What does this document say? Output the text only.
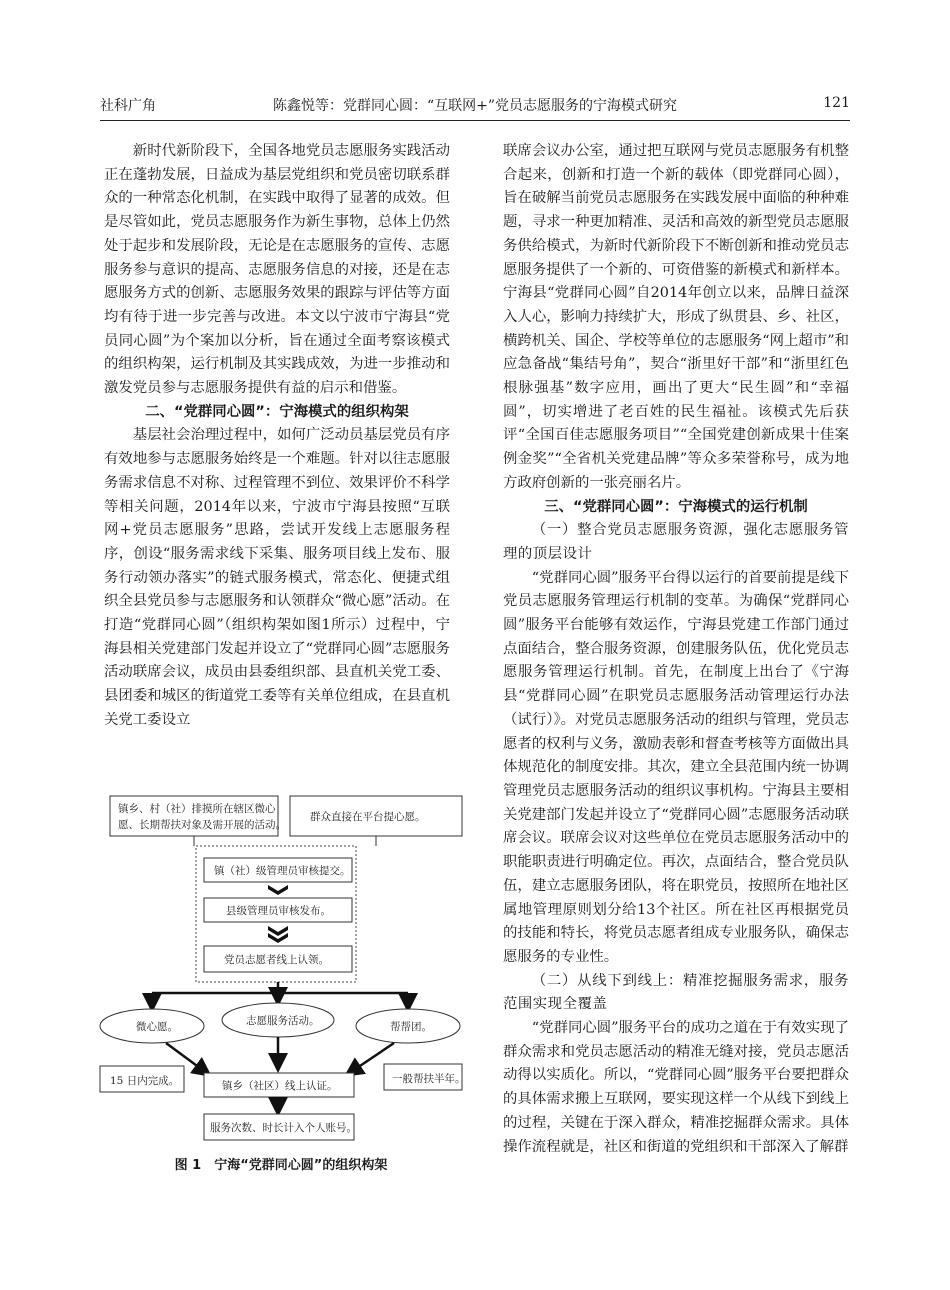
社科广角	陈鑫悦等：党群同心圆：“互联网+”党员志愿服务的宁海模式研究	121

新时代新阶段下，全国各地党员志愿服务实践活动正在蓬勃发展，日益成为基层党组织和党员密切联系群众的一种常态化机制，在实践中取得了显著的成效。但是尽管如此，党员志愿服务作为新生事物，总体上仍然处于起步和发展阶段，无论是在志愿服务的宣传、志愿服务参与意识的提高、志愿服务信息的对接，还是在志愿服务方式的创新、志愿服务效果的跟踪与评估等方面均有待于进一步完善与改进。本文以宁波市宁海县“党员同心圆”为个案加以分析，旨在通过全面考察该模式的组织构架，运行机制及其实践成效，为进一步推动和激发党员参与志愿服务提供有益的启示和借鉴。

二、“党群同心圆”：宁海模式的组织构架

基层社会治理过程中，如何广泛动员基层党员有序有效地参与志愿服务始终是一个难题。针对以往志愿服务需求信息不对称、过程管理不到位、效果评价不科学等相关问题，2014年以来，宁波市宁海县按照“互联网+党员志愿服务”思路，尝试开发线上志愿服务程序，创设“服务需求线下采集、服务项目线上发布、服务行动领办落实”的链式服务模式，常态化、便捷式组织全县党员参与志愿服务和认领群众“微心愿”活动。在打造“党群同心圆”（组织构架如图1所示）过程中，宁海县相关党建部门发起并设立了“党群同心圆”志愿服务活动联席会议，成员由县委组织部、县直机关党工委、县团委和城区的街道党工委等有关单位组成，在县直机关党工委设立

联席会议办公室，通过把互联网与党员志愿服务有机整合起来，创新和打造一个新的载体（即党群同心圆），旨在破解当前党员志愿服务在实践发展中面临的种种难题，寻求一种更加精准、灵活和高效的新型党员志愿服务供给模式，为新时代新阶段下不断创新和推动党员志愿服务提供了一个新的、可资借鉴的新模式和新样本。宁海县“党群同心圆”自2014年创立以来，品牌日益深入人心，影响力持续扩大，形成了纵贯县、乡、社区，横跨机关、国企、学校等单位的志愿服务“网上超市”和应急备战“集结号角”，契合“浙里好干部”和“浙里红色根脉强基”数字应用，画出了更大“民生圆”和“幸福圆”，切实增进了老百姓的民生福祉。该模式先后获评“全国百佳志愿服务项目”“全国党建创新成果十佳案例金奖”“全省机关党建品牌”等众多荣誉称号，成为地方政府创新的一张亮丽名片。

三、“党群同心圆”：宁海模式的运行机制
（一）整合党员志愿服务资源，强化志愿服务管理的顶层设计

“党群同心圆”服务平台得以运行的首要前提是线下党员志愿服务管理运行机制的变革。为确保“党群同心圆”服务平台能够有效运作，宁海县党建工作部门通过点面结合，整合服务资源，创建服务队伍，优化党员志愿服务管理运行机制。首先，在制度上出台了《宁海县“党群同心圆”在职党员志愿服务活动管理运行办法（试行）》。对党员志愿服务活动的组织与管理，党员志愿者的权利与义务，激励表彰和督查考核等方面做出具体规范化的制度安排。其次，建立全县范围内统一协调管理党员志愿服务活动的组织议事机构。宁海县主要相关党建部门发起并设立了“党群同心圆”志愿服务活动联席会议。联席会议对这些单位在党员志愿服务活动中的职能职责进行明确定位。再次，点面结合，整合党员队伍，建立志愿服务团队，将在职党员，按照所在地社区属地管理原则划分给13个社区。所在社区再根据党员的技能和特长，将党员志愿者组成专业服务队，确保志愿服务的专业性。

（二）从线下到线上：精准挖掘服务需求，服务范围实现全覆盖

“党群同心圆”服务平台的成功之道在于有效实现了群众需求和党员志愿活动的精准无缝对接，党员志愿活动得以实质化。所以，“党群同心圆”服务平台要把群众的具体需求搬上互联网，要实现这样一个从线下到线上的过程，关键在于深入群众，精准挖掘群众需求。具体操作流程就是，社区和街道的党组织和干部深入了解群

镇乡、村（社）排摸所在辖区微心
愿、长期帮扶对象及需开展的活动。
群众直接在平台提心愿。
镇（社）级管理员审核提交。
县级管理员审核发布。
党员志愿者线上认领。
微心愿。	志愿服务活动。	帮帮团。
15 日内完成。	镇乡（社区）线上认证。
一般帮扶半年。
服务次数、时长计入个人账号。
图 1　宁海“党群同心圆”的组织构架
